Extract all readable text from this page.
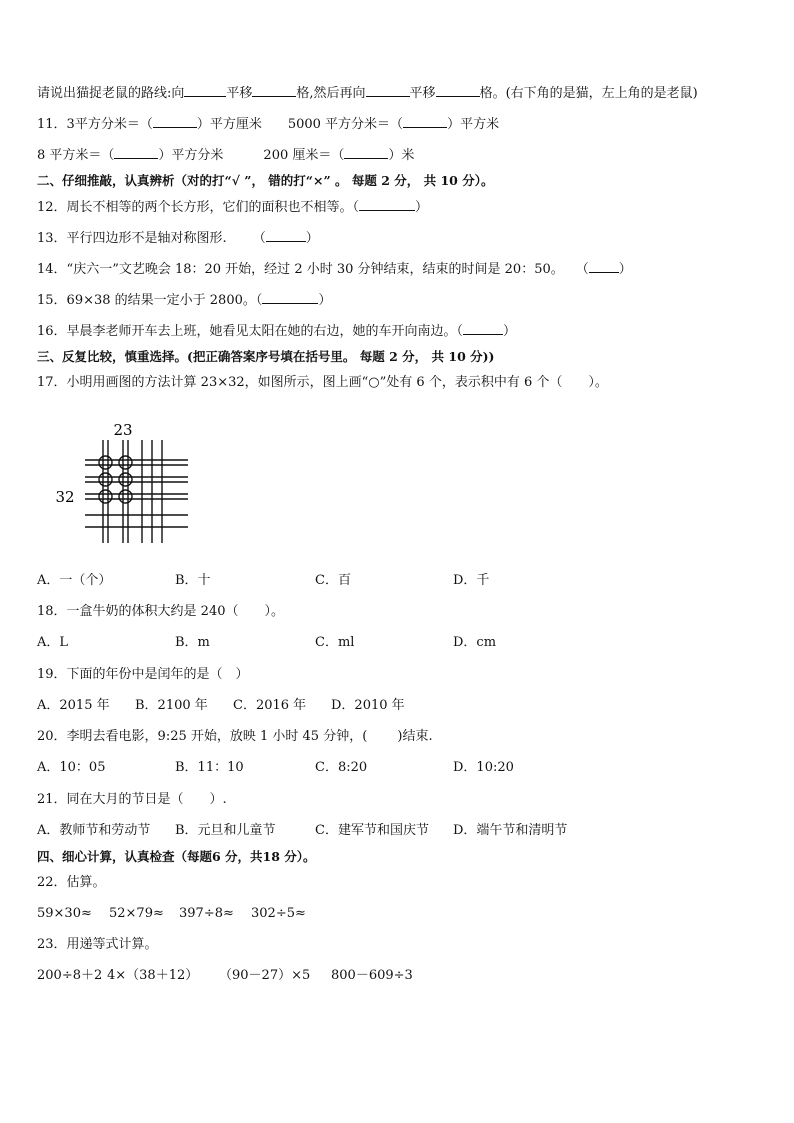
请说出猫捉老鼠的路线:向	平移	格,然后再向	平移	格。(右下角的是猫，左上角的是老鼠)
11．3平方分米＝（	）平方厘米 5000 平方分米＝（	）平方米
8 平方米＝（	）平方分米	200 厘米＝（	）米
二、仔细推敲，认真辨析（对的打“√ ”， 错的打“×” 。 每题 2 分， 共 10 分）。
12．周长不相等的两个长方形，它们的面积也不相等。（	）
13．平行四边形不是轴对称图形. （	）
14．“庆六一”文艺晚会 18：20 开始，经过 2 小时 30 分钟结束，结束的时间是 20：50。 （ ）
15．69×38 的结果一定小于 2800。（	）
16．早晨李老师开车去上班，她看见太阳在她的右边，她的车开向南边。（	）
三、反复比较，慎重选择。(把正确答案序号填在括号里。 每题 2 分， 共 10 分))
17．小明用画图的方法计算 23×32，如图所示，图上画“○”处有 6 个，表示积中有 6 个（　　）。
23
32
A．一（个）	B．十	C．百	D．千
18．一盒牛奶的体积大约是 240（　　）。
A．L	B．m	C．ml	D．cm
19．下面的年份中是闰年的是（　）
A．2015 年 B．2100 年 C．2016 年 D．2010 年
20．李明去看电影，9:25 开始，放映 1 小时 45 分钟，(　　 )结束.
A．10：05	B．11：10	C．8:20	D．10:20
21．同在大月的节日是（　　）.
A．教师节和劳动节 B．元旦和儿童节	C．建军节和国庆节 D．端午节和清明节
四、细心计算，认真检查（每题6 分，共18 分）。
22．估算。
59×30≈ 52×79≈ 397÷8≈ 302÷5≈
23．用递等式计算。
200÷8＋2 4×（38＋12） （90－27）×5 800－609÷3
